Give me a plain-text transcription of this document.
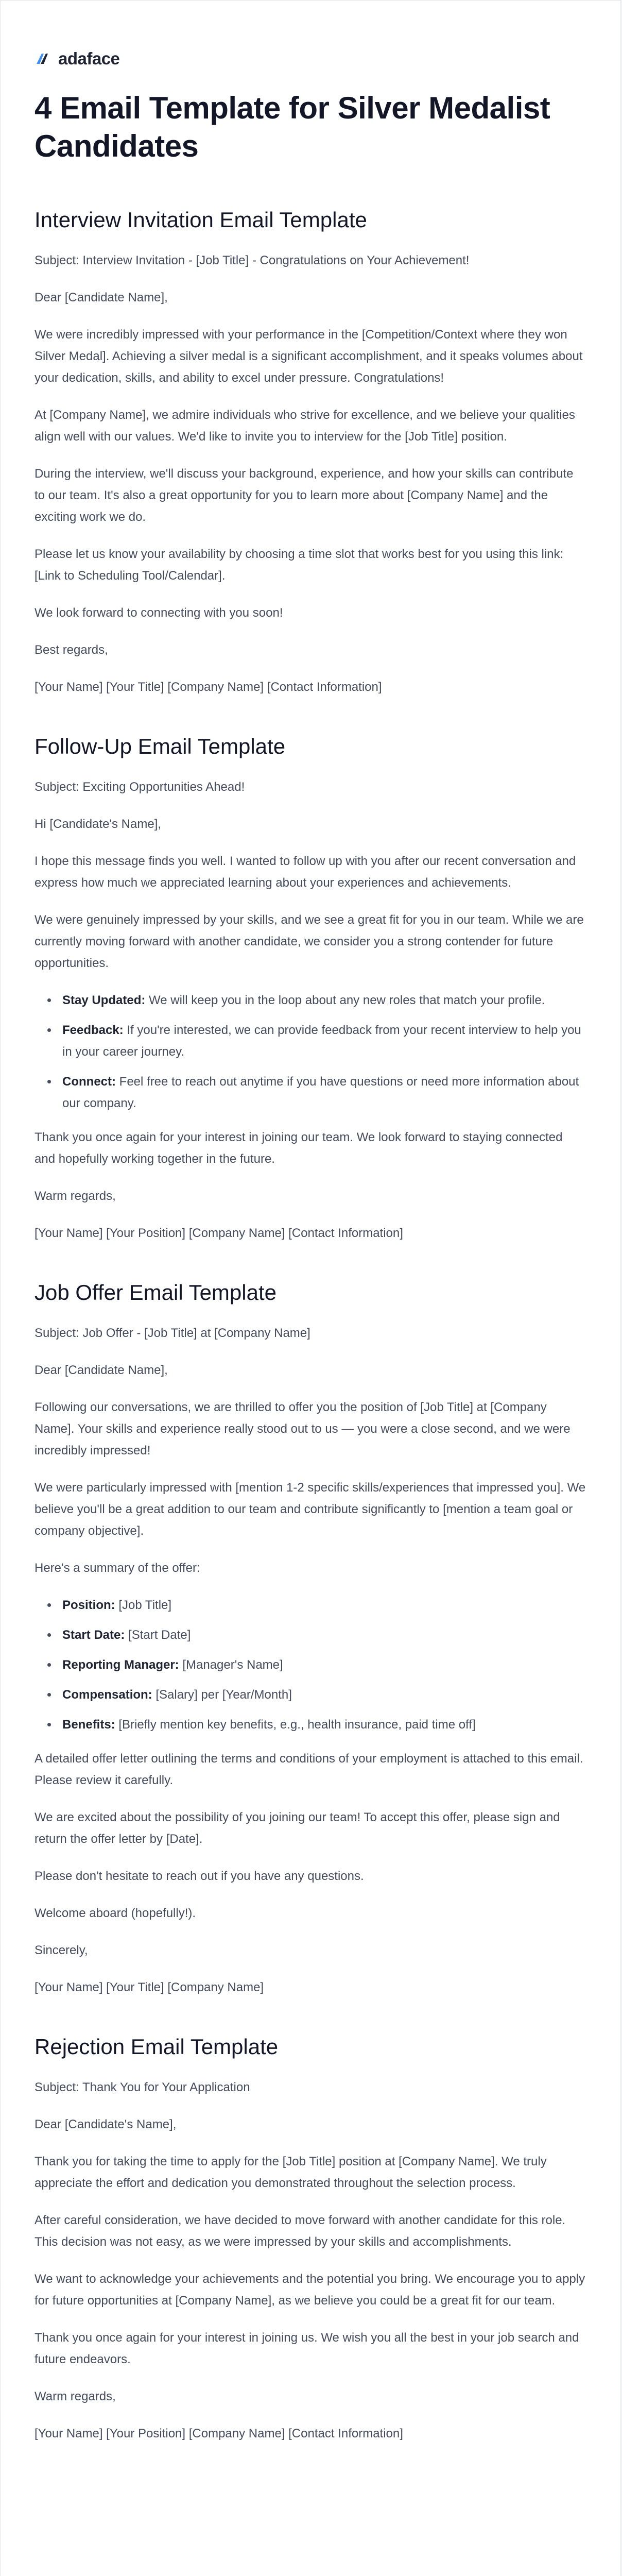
adaface
4 Email Template for Silver Medalist Candidates
Interview Invitation Email Template

Subject: Interview Invitation - [Job Title] - Congratulations on Your Achievement!

Dear [Candidate Name],

We were incredibly impressed with your performance in the [Competition/Context where they won Silver Medal]. Achieving a silver medal is a significant accomplishment, and it speaks volumes about your dedication, skills, and ability to excel under pressure. Congratulations!

At [Company Name], we admire individuals who strive for excellence, and we believe your qualities align well with our values. We'd like to invite you to interview for the [Job Title] position.

During the interview, we'll discuss your background, experience, and how your skills can contribute to our team. It's also a great opportunity for you to learn more about [Company Name] and the exciting work we do.

Please let us know your availability by choosing a time slot that works best for you using this link: [Link to Scheduling Tool/Calendar].

We look forward to connecting with you soon!

Best regards,

[Your Name] [Your Title] [Company Name] [Contact Information]

Follow-Up Email Template

Subject: Exciting Opportunities Ahead!

Hi [Candidate's Name],

I hope this message finds you well. I wanted to follow up with you after our recent conversation and express how much we appreciated learning about your experiences and achievements.

We were genuinely impressed by your skills, and we see a great fit for you in our team. While we are currently moving forward with another candidate, we consider you a strong contender for future opportunities.

• Stay Updated: We will keep you in the loop about any new roles that match your profile.
• Feedback: If you're interested, we can provide feedback from your recent interview to help you in your career journey.
• Connect: Feel free to reach out anytime if you have questions or need more information about our company.

Thank you once again for your interest in joining our team. We look forward to staying connected and hopefully working together in the future.

Warm regards,

[Your Name] [Your Position] [Company Name] [Contact Information]

Job Offer Email Template

Subject: Job Offer - [Job Title] at [Company Name]

Dear [Candidate Name],

Following our conversations, we are thrilled to offer you the position of [Job Title] at [Company Name]. Your skills and experience really stood out to us — you were a close second, and we were incredibly impressed!

We were particularly impressed with [mention 1-2 specific skills/experiences that impressed you]. We believe you'll be a great addition to our team and contribute significantly to [mention a team goal or company objective].

Here's a summary of the offer:

• Position: [Job Title]
• Start Date: [Start Date]
• Reporting Manager: [Manager's Name]
• Compensation: [Salary] per [Year/Month]
• Benefits: [Briefly mention key benefits, e.g., health insurance, paid time off]

A detailed offer letter outlining the terms and conditions of your employment is attached to this email. Please review it carefully.

We are excited about the possibility of you joining our team! To accept this offer, please sign and return the offer letter by [Date].

Please don't hesitate to reach out if you have any questions.

Welcome aboard (hopefully!).

Sincerely,

[Your Name] [Your Title] [Company Name]

Rejection Email Template

Subject: Thank You for Your Application

Dear [Candidate's Name],

Thank you for taking the time to apply for the [Job Title] position at [Company Name]. We truly appreciate the effort and dedication you demonstrated throughout the selection process.

After careful consideration, we have decided to move forward with another candidate for this role. This decision was not easy, as we were impressed by your skills and accomplishments.

We want to acknowledge your achievements and the potential you bring. We encourage you to apply for future opportunities at [Company Name], as we believe you could be a great fit for our team.

Thank you once again for your interest in joining us. We wish you all the best in your job search and future endeavors.

Warm regards,

[Your Name] [Your Position] [Company Name] [Contact Information]
